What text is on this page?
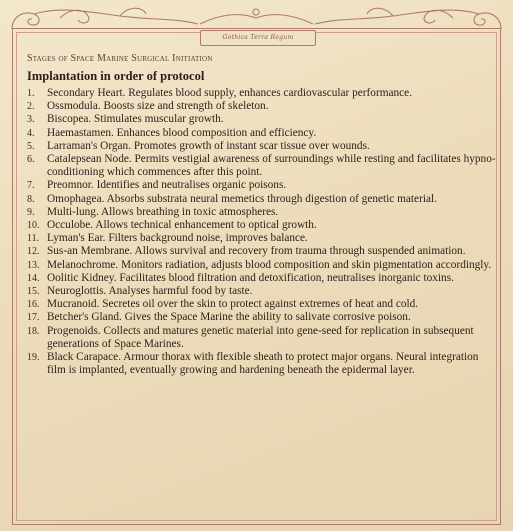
Gothica Terra Regum
Stages of Space Marine Surgical Initiation
Implantation in order of protocol
1.	Secondary Heart. Regulates blood supply, enhances cardiovascular performance.
2.	Ossmodula. Boosts size and strength of skeleton.
3.	Biscopea. Stimulates muscular growth.
4.	Haemastamen. Enhances blood composition and efficiency.
5.	Larraman's Organ. Promotes growth of instant scar tissue over wounds.
6.	Catalepsean Node. Permits vestigial awareness of surroundings while resting and facilitates hypno-conditioning which commences after this point.
7.	Preomnor. Identifies and neutralises organic poisons.
8.	Omophagea. Absorbs substrata neural memetics through digestion of genetic material.
9.	Multi-lung. Allows breathing in toxic atmospheres.
10. Occulobe. Allows technical enhancement to optical growth.
11. Lyman's Ear. Filters background noise, improves balance.
12. Sus-an Membrane. Allows survival and recovery from trauma through suspended animation.
13. Melanochrome. Monitors radiation, adjusts blood composition and skin pigmentation accordingly.
14. Oolitic Kidney. Facilitates blood filtration and detoxification, neutralises inorganic toxins.
15. Neuroglottis. Analyses harmful food by taste.
16. Mucranoid. Secretes oil over the skin to protect against extremes of heat and cold.
17. Betcher's Gland. Gives the Space Marine the ability to salivate corrosive poison.
18. Progenoids. Collects and matures genetic material into gene-seed for replication in subsequent generations of Space Marines.
19. Black Carapace. Armour thorax with flexible sheath to protect major organs. Neural integration film is implanted, eventually growing and hardening beneath the epidermal layer.
